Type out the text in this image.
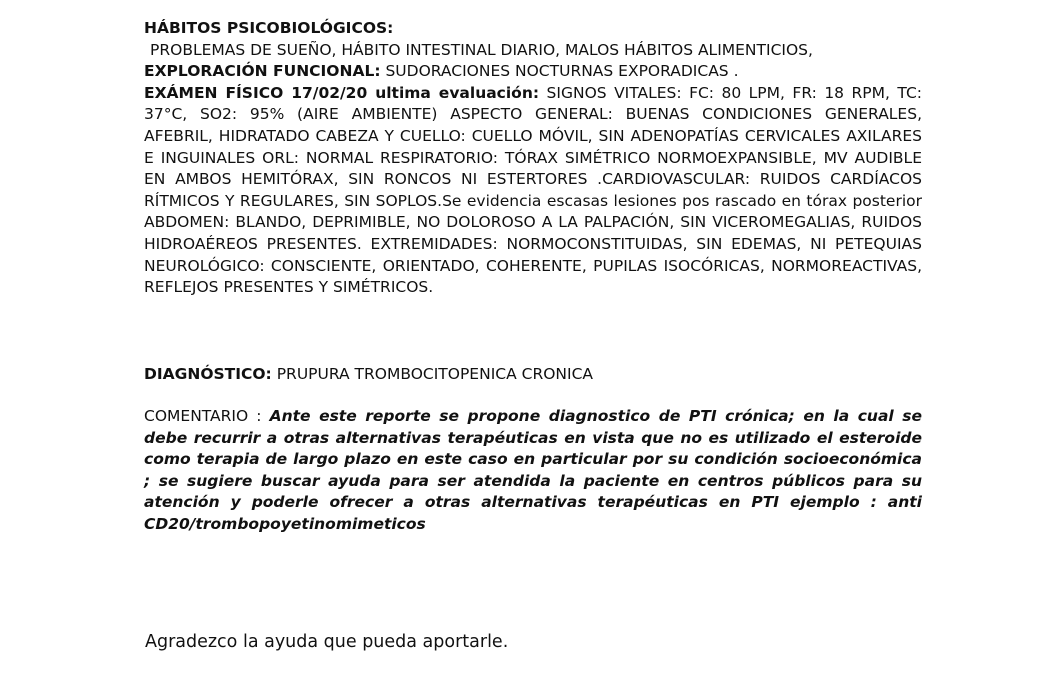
HÁBITOS PSICOBIOLÓGICOS:
PROBLEMAS DE SUEÑO, HÁBITO INTESTINAL DIARIO, MALOS HÁBITOS ALIMENTICIOS,
EXPLORACIÓN FUNCIONAL: SUDORACIONES NOCTURNAS EXPORADICAS .
EXÁMEN FÍSICO 17/02/20 ultima evaluación: SIGNOS VITALES: FC: 80 LPM, FR: 18 RPM, TC: 37°C, SO2: 95% (AIRE AMBIENTE) ASPECTO GENERAL: BUENAS CONDICIONES GENERALES, AFEBRIL, HIDRATADO CABEZA Y CUELLO: CUELLO MÓVIL, SIN ADENOPATÍAS CERVICALES AXILARES E INGUINALES ORL: NORMAL RESPIRATORIO: TÓRAX SIMÉTRICO NORMOEXPANSIBLE, MV AUDIBLE EN AMBOS HEMITÓRAX, SIN RONCOS NI ESTERTORES .CARDIOVASCULAR: RUIDOS CARDÍACOS RÍTMICOS Y REGULARES, SIN SOPLOS.Se evidencia escasas lesiones pos rascado en tórax posterior ABDOMEN: BLANDO, DEPRIMIBLE, NO DOLOROSO A LA PALPACIÓN, SIN VICEROMEGALIAS, RUIDOS HIDROAÉREOS PRESENTES. EXTREMIDADES: NORMOCONSTITUIDAS, SIN EDEMAS, NI PETEQUIAS NEUROLÓGICO: CONSCIENTE, ORIENTADO, COHERENTE, PUPILAS ISOCÓRICAS, NORMOREACTIVAS, REFLEJOS PRESENTES Y SIMÉTRICOS.
DIAGNÓSTICO: PRUPURA TROMBOCITOPENICA CRONICA
COMENTARIO : Ante este reporte se propone diagnostico de PTI crónica; en la cual se debe recurrir a otras alternativas terapéuticas en vista que no es utilizado el esteroide como terapia de largo plazo en este caso en particular por su condición socioeconómica ; se sugiere buscar ayuda para ser atendida la paciente en centros públicos para su atención y poderle ofrecer a otras alternativas terapéuticas en PTI ejemplo : anti CD20/trombopoyetinomimeticos
Agradezco la ayuda que pueda aportarle.
